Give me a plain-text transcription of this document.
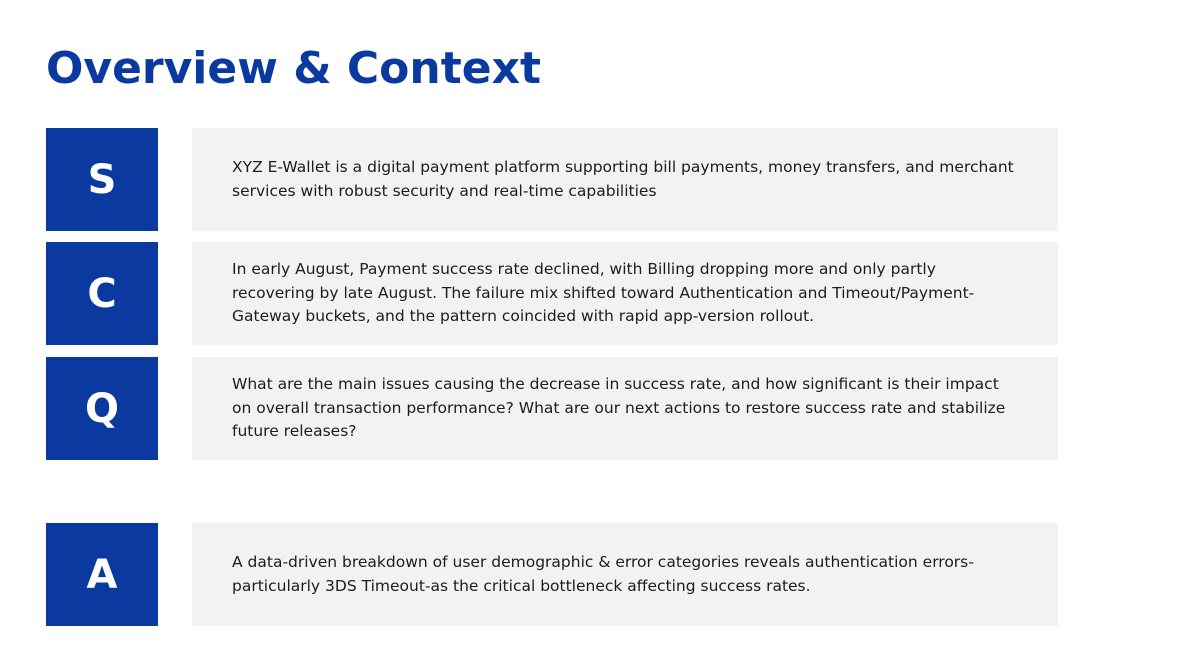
Overview & Context
S	XYZ E-Wallet is a digital payment platform supporting bill payments, money transfers, and merchant services with robust security and real-time capabilities

C

In early August, Payment success rate declined, with Billing dropping more and only partly recovering by late August. The failure mix shifted toward Authentication and Timeout/Payment-Gateway buckets, and the pattern coincided with rapid app-version rollout.

Q

What are the main issues causing the decrease in success rate, and how significant is their impact on overall transaction performance? What are our next actions to restore success rate and stabilize future releases?

A	A data-driven breakdown of user demographic & error categories reveals authentication errors-particularly 3DS Timeout-as the critical bottleneck affecting success rates.
